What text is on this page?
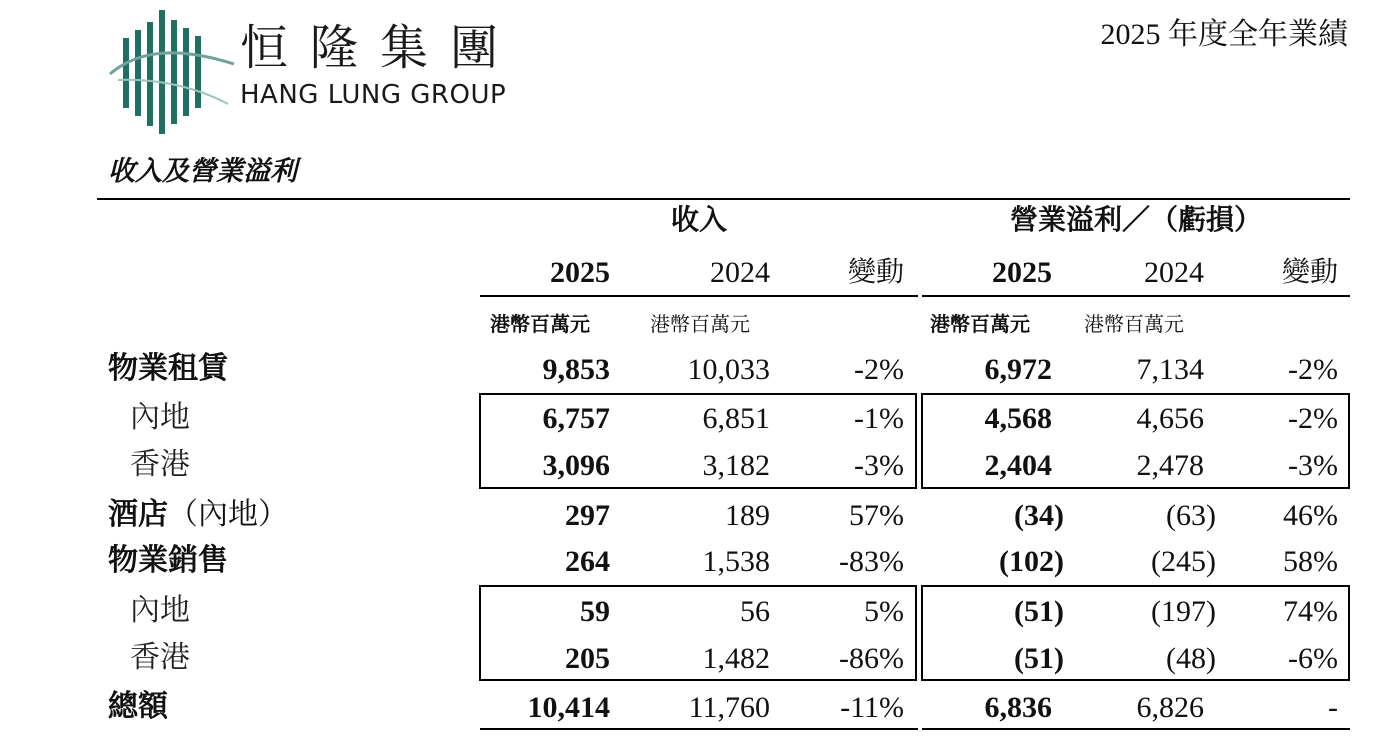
恒隆集團
HANG LUNG GROUP
2025 年度全年業績
收入及營業溢利
收入	營業溢利／（虧損）
2025	2024	變動	2025	2024	變動
港幣百萬元	港幣百萬元	港幣百萬元	港幣百萬元
物業租賃	9,853	10,033	-2%	6,972	7,134	-2%
內地	6,757	6,851	-1%	4,568	4,656	-2%
香港	3,096	3,182	-3%	2,404	2,478	-3%
酒店（內地）	297	189	57%	(34)	(63)	46%
物業銷售	264	1,538	-83%	(102)	(245)	58%
內地	59	56	5%	(51)	(197)	74%
香港	205	1,482	-86%	(51)	(48)	-6%
總額	10,414	11,760	-11%	6,836	6,826	-
